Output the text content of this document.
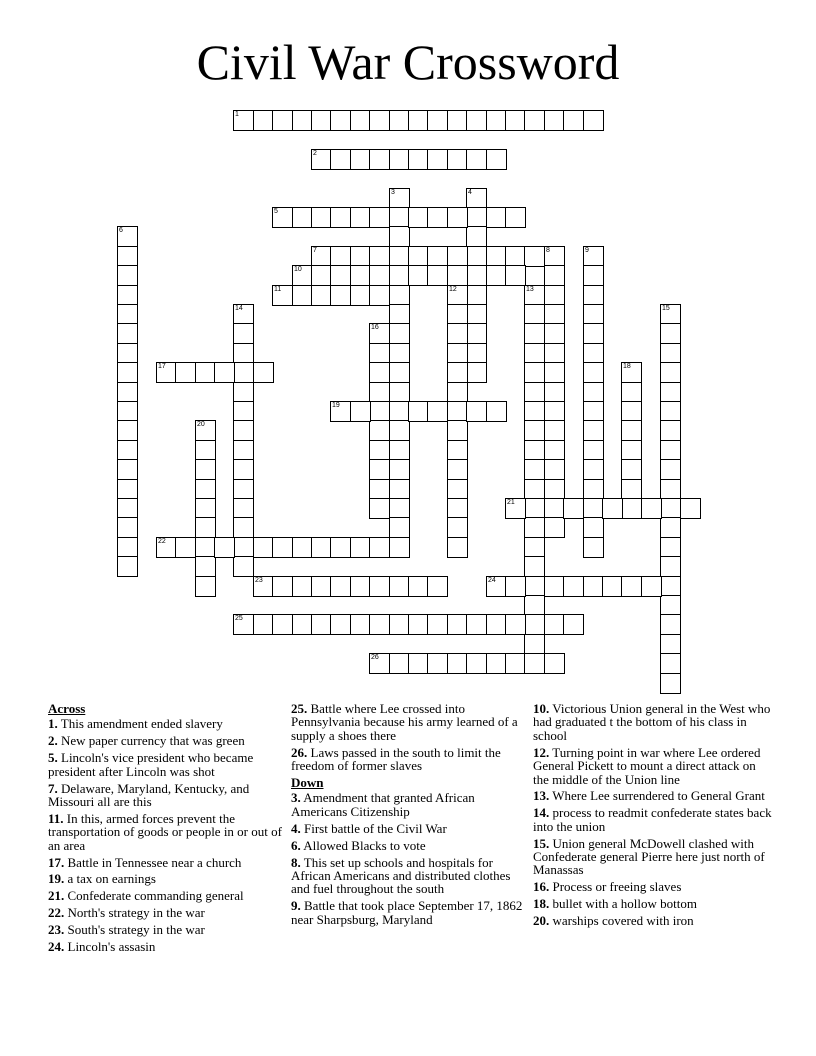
Civil War Crossword
1
2
3	4
5
6
7	8	9
10
11	12	13
14	15
16
17	18
19
20
21
22
23	24
25
26
Across
1. This amendment ended slavery
2. New paper currency that was green
5. Lincoln's vice president who became president after Lincoln was shot
7. Delaware, Maryland, Kentucky, and Missouri all are this
11. In this, armed forces prevent the transportation of goods or people in or out of an area
17. Battle in Tennessee near a church
19. a tax on earnings
21. Confederate commanding general
22. North's strategy in the war
23. South's strategy in the war
24. Lincoln's assasin
25. Battle where Lee crossed into Pennsylvania because his army learned of a supply a shoes there
26. Laws passed in the south to limit the freedom of former slaves
Down
3. Amendment that granted African Americans Citizenship
4. First battle of the Civil War
6. Allowed Blacks to vote
8. This set up schools and hospitals for African Americans and distributed clothes and fuel throughout the south
9. Battle that took place September 17, 1862 near Sharpsburg, Maryland
10. Victorious Union general in the West who had graduated t the bottom of his class in school
12. Turning point in war where Lee ordered General Pickett to mount a direct attack on the middle of the Union line
13. Where Lee surrendered to General Grant
14. process to readmit confederate states back into the union
15. Union general McDowell clashed with Confederate general Pierre here just north of Manassas
16. Process or freeing slaves
18. bullet with a hollow bottom
20. warships covered with iron
